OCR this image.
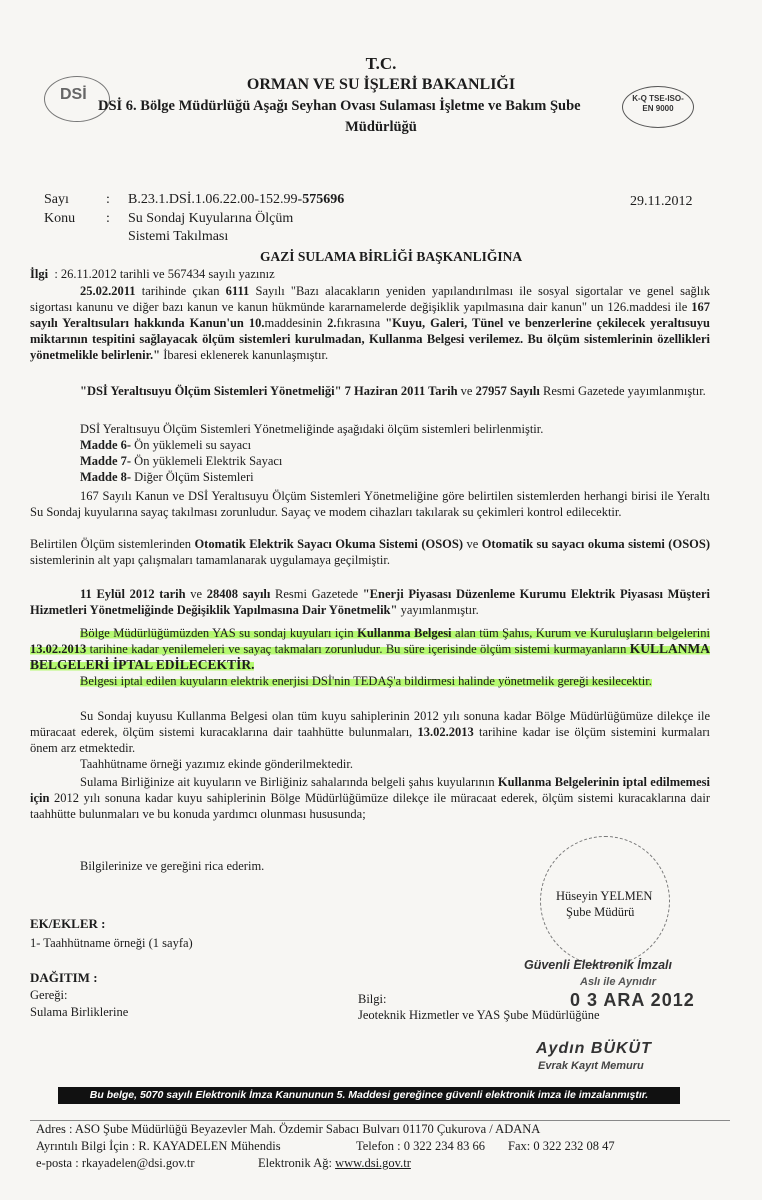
DSİ
T.C.
ORMAN VE SU İŞLERİ BAKANLIĞI
DSİ 6. Bölge Müdürlüğü Aşağı Seyhan Ovası Sulaması İşletme ve Bakım Şube
Müdürlüğü
K-Q TSE-ISO-EN 9000
Sayı	: B.23.1.DSİ.1.06.22.00-152.99-575696	29.11.2012
Konu : Su Sondaj Kuyularına Ölçüm
Sistemi Takılması
GAZİ SULAMA BİRLİĞİ BAŞKANLIĞINA
İlgi : 26.11.2012 tarihli ve 567434 sayılı yazınız
25.02.2011 tarihinde çıkan 6111 Sayılı "Bazı alacakların yeniden yapılandırılması ile sosyal sigortalar ve genel sağlık sigortası kanunu ve diğer bazı kanun ve kanun hükmünde kararnamelerde değişiklik yapılmasına dair kanun" un 126.maddesi ile 167 sayılı Yeraltısuları hakkında Kanun'un 10.maddesinin 2.fıkrasına "Kuyu, Galeri, Tünel ve benzerlerine çekilecek yeraltısuyu miktarının tespitini sağlayacak ölçüm sistemleri kurulmadan, Kullanma Belgesi verilemez. Bu ölçüm sistemlerinin özellikleri yönetmelikle belirlenir." İbaresi eklenerek kanunlaşmıştır.
"DSİ Yeraltısuyu Ölçüm Sistemleri Yönetmeliği" 7 Haziran 2011 Tarih ve 27957 Sayılı Resmi Gazetede yayımlanmıştır.
DSİ Yeraltısuyu Ölçüm Sistemleri Yönetmeliğinde aşağıdaki ölçüm sistemleri belirlenmiştir.
Madde 6- Ön yüklemeli su sayacı
Madde 7- Ön yüklemeli Elektrik Sayacı
Madde 8- Diğer Ölçüm Sistemleri
167 Sayılı Kanun ve DSİ Yeraltısuyu Ölçüm Sistemleri Yönetmeliğine göre belirtilen sistemlerden herhangi birisi ile Yeraltı Su Sondaj kuyularına sayaç takılması zorunludur. Sayaç ve modem cihazları takılarak su çekimleri kontrol edilecektir.
Belirtilen Ölçüm sistemlerinden Otomatik Elektrik Sayacı Okuma Sistemi (OSOS) ve Otomatik su sayacı okuma sistemi (OSOS) sistemlerinin alt yapı çalışmaları tamamlanarak uygulamaya geçilmiştir.
11 Eylül 2012 tarih ve 28408 sayılı Resmi Gazetede "Enerji Piyasası Düzenleme Kurumu Elektrik Piyasası Müşteri Hizmetleri Yönetmeliğinde Değişiklik Yapılmasına Dair Yönetmelik" yayımlanmıştır.
Bölge Müdürlüğümüzden YAS su sondaj kuyuları için Kullanma Belgesi alan tüm Şahıs, Kurum ve Kuruluşların belgelerini 13.02.2013 tarihine kadar yenilemeleri ve sayaç takmaları zorunludur. Bu süre içerisinde ölçüm sistemi kurmayanların KULLANMA BELGELERİ İPTAL EDİLECEKTİR.
Belgesi iptal edilen kuyuların elektrik enerjisi DSİ'nin TEDAŞ'a bildirmesi halinde yönetmelik gereği kesilecektir.
Su Sondaj kuyusu Kullanma Belgesi olan tüm kuyu sahiplerinin 2012 yılı sonuna kadar Bölge Müdürlüğümüze dilekçe ile müracaat ederek, ölçüm sistemi kuracaklarına dair taahhütte bulunmaları, 13.02.2013 tarihine kadar ise ölçüm sistemini kurmaları önem arz etmektedir.
Taahhütname örneği yazımız ekinde gönderilmektedir.
Sulama Birliğinize ait kuyuların ve Birliğiniz sahalarında belgeli şahıs kuyularının Kullanma Belgelerinin iptal edilmemesi için 2012 yılı sonuna kadar kuyu sahiplerinin Bölge Müdürlüğümüze dilekçe ile müracaat ederek, ölçüm sistemi kuracaklarına dair taahhütte bulunmaları ve bu konuda yardımcı olunması hususunda;
Bilgilerinize ve gereğini rica ederim.
Hüseyin YELMEN
Şube Müdürü
Güvenli Elektronik İmzalı
Aslı ile Aynıdır
0 3 ARA 2012
EK/EKLER :
1- Taahhütname örneği (1 sayfa)
DAĞITIM :
Gereği:
Sulama Birliklerine
Bilgi:
Jeoteknik Hizmetler ve YAS Şube Müdürlüğüne
Aydın BÜKÜT
Evrak Kayıt Memuru
Bu belge, 5070 sayılı Elektronik İmza Kanununun 5. Maddesi gereğince güvenli elektronik imza ile imzalanmıştır.
Adres : ASO Şube Müdürlüğü Beyazevler Mah. Özdemir Sabacı Bulvarı 01170 Çukurova / ADANA
Ayrıntılı Bilgi İçin : R. KAYADELEN Mühendis	Telefon : 0 322 234 83 66 Fax: 0 322 232 08 47
e-posta : rkayadelen@dsi.gov.tr	Elektronik Ağ: www.dsi.gov.tr
